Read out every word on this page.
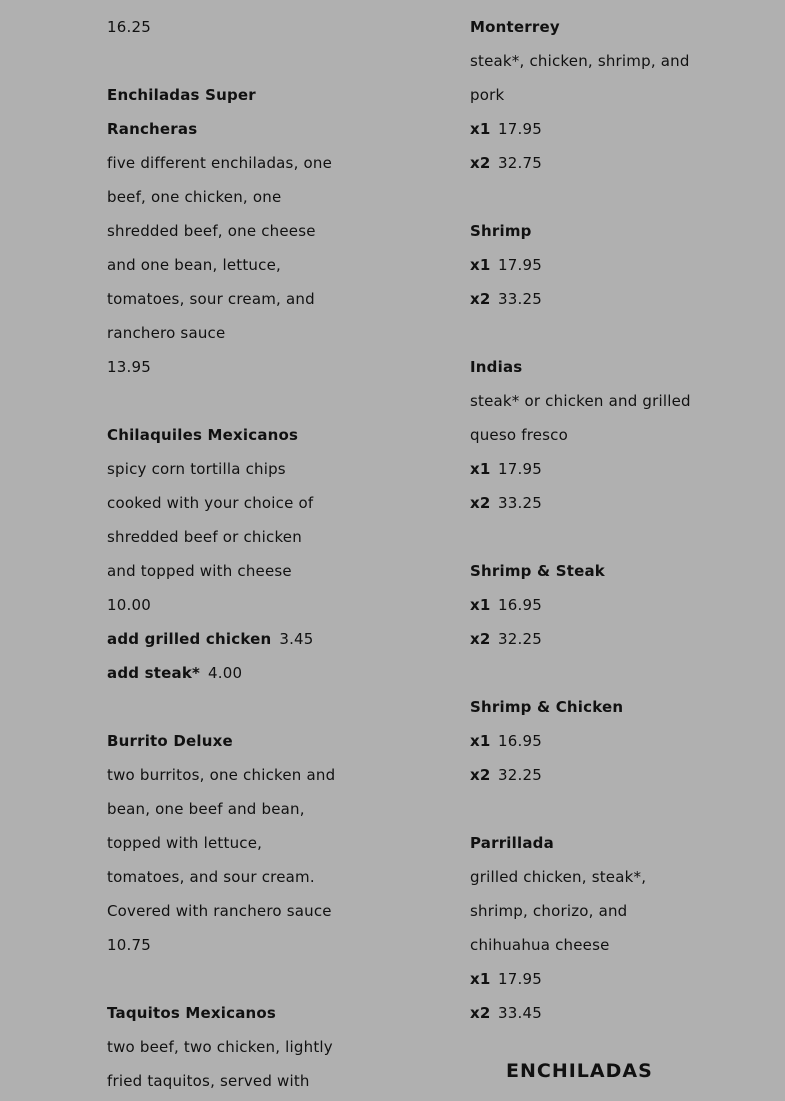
16.25
Enchiladas Super
Rancheras
five different enchiladas, one
beef, one chicken, one
shredded beef, one cheese
and one bean, lettuce,
tomatoes, sour cream, and
ranchero sauce
13.95
Chilaquiles Mexicanos
spicy corn tortilla chips
cooked with your choice of
shredded beef or chicken
and topped with cheese
10.00
add grilled chicken 3.45
add steak* 4.00
Burrito Deluxe
two burritos, one chicken and
bean, one beef and bean,
topped with lettuce,
tomatoes, and sour cream.
Covered with ranchero sauce
10.75
Taquitos Mexicanos
two beef, two chicken, lightly
fried taquitos, served with
Monterrey
steak*, chicken, shrimp, and
pork
x1 17.95
x2 32.75
Shrimp
x1 17.95
x2 33.25
Indias
steak* or chicken and grilled
queso fresco
x1 17.95
x2 33.25
Shrimp & Steak
x1 16.95
x2 32.25
Shrimp & Chicken
x1 16.95
x2 32.25
Parrillada
grilled chicken, steak*,
shrimp, chorizo, and
chihuahua cheese
x1 17.95
x2 33.45
ENCHILADAS
